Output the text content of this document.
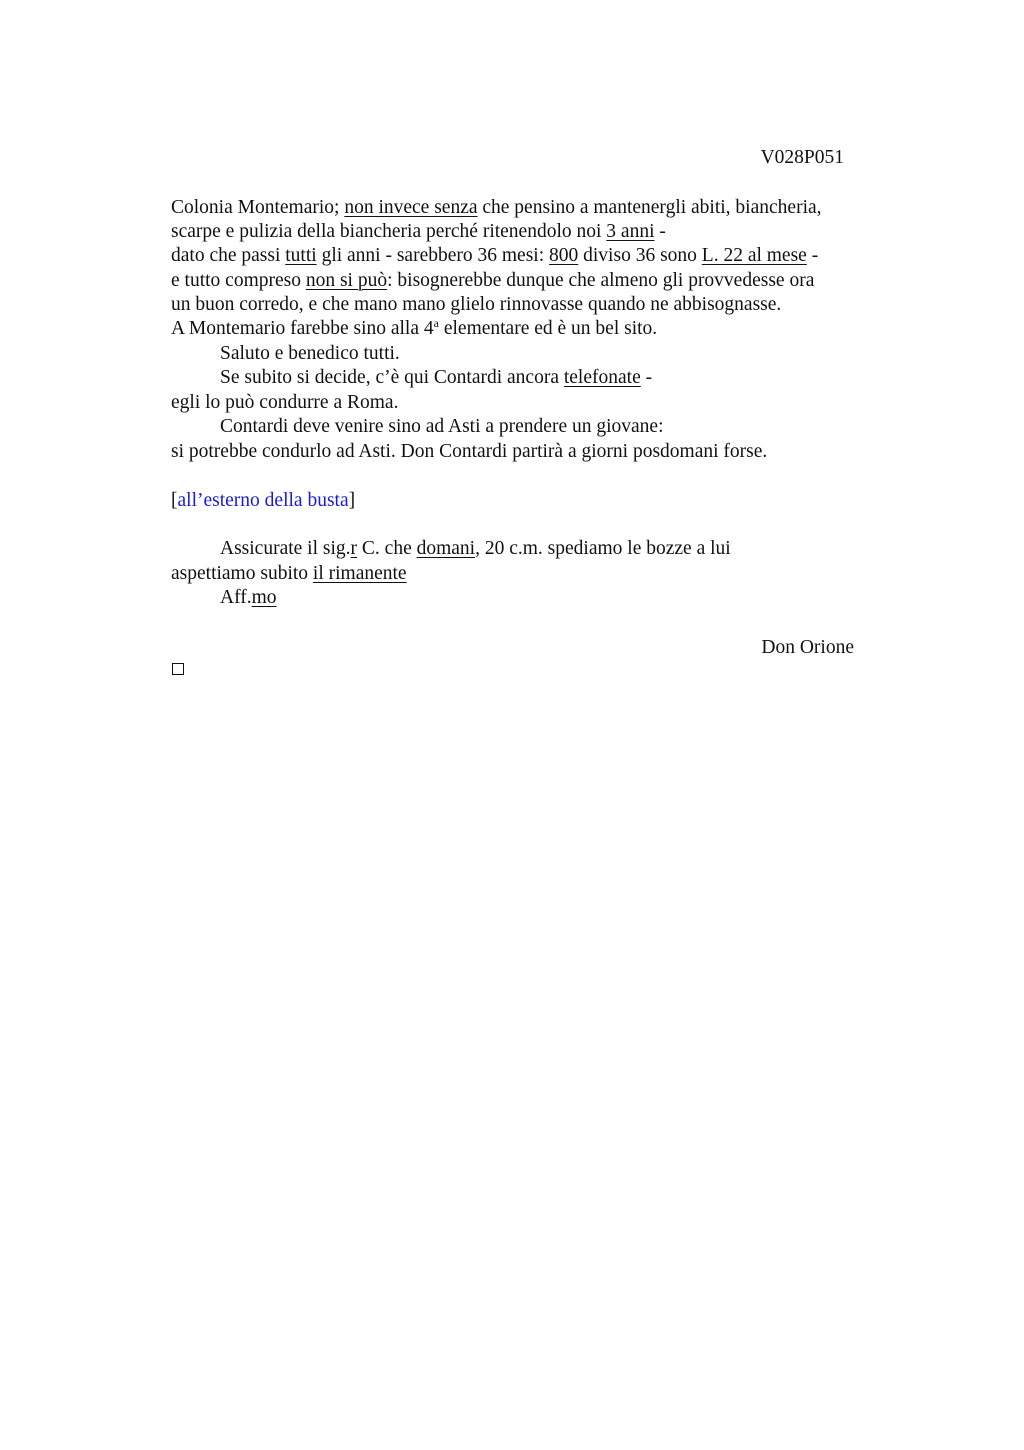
V028P051
Colonia Montemario; non invece senza che pensino a mantenergli abiti, biancheria,
scarpe e pulizia della biancheria perché ritenendolo noi 3 anni -
dato che passi tutti gli anni - sarebbero 36 mesi: 800 diviso 36 sono L. 22 al mese -
e tutto compreso non si può: bisognerebbe dunque che almeno gli provvedesse ora
un buon corredo, e che mano mano glielo rinnovasse quando ne abbisognasse.
A Montemario farebbe sino alla 4$^a$ elementare ed è un bel sito.
Saluto e benedico tutti.
Se subito si decide, c’è qui Contardi ancora telefonate -
egli lo può condurre a Roma.
Contardi deve venire sino ad Asti a prendere un giovane:
si potrebbe condurlo ad Asti. Don Contardi partirà a giorni posdomani forse.
[all’esterno della busta]
Assicurate il sig.r C. che domani, 20 c.m. spediamo le bozze a lui
aspettiamo subito il rimanente
Aff.mo
Don Orione
